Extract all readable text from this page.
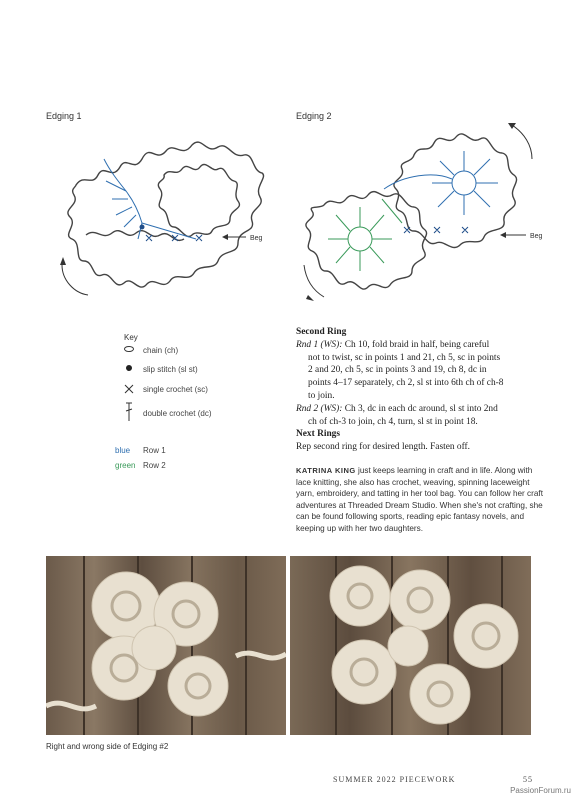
Edging 1
Beg
Edging 2
Beg
Key
chain (ch)
slip stitch (sl st)
single crochet (sc)
double crochet (dc)
blue Row 1
green Row 2
Second Ring
Rnd 1 (WS): Ch 10, fold braid in half, being careful
not to twist, sc in points 1 and 21, ch 5, sc in points
2 and 20, ch 5, sc in points 3 and 19, ch 8, dc in
points 4–17 separately, ch 2, sl st into 6th ch of ch-8
to join.
Rnd 2 (WS): Ch 3, dc in each dc around, sl st into 2nd
ch of ch-3 to join, ch 4, turn, sl st in point 18.
Next Rings
Rep second ring for desired length. Fasten off.
KATRINA KING just keeps learning in craft and in life. Along with lace knitting, she also has crochet, weaving, spinning laceweight yarn, embroidery, and tatting in her tool bag. You can follow her craft adventures at Threaded Dream Studio. When she's not crafting, she can be found following sports, reading epic fantasy novels, and keeping up with her two daughters.
Right and wrong side of Edging #2
SUMMER 2022 PIECEWORK	55
PassionForum.ru
